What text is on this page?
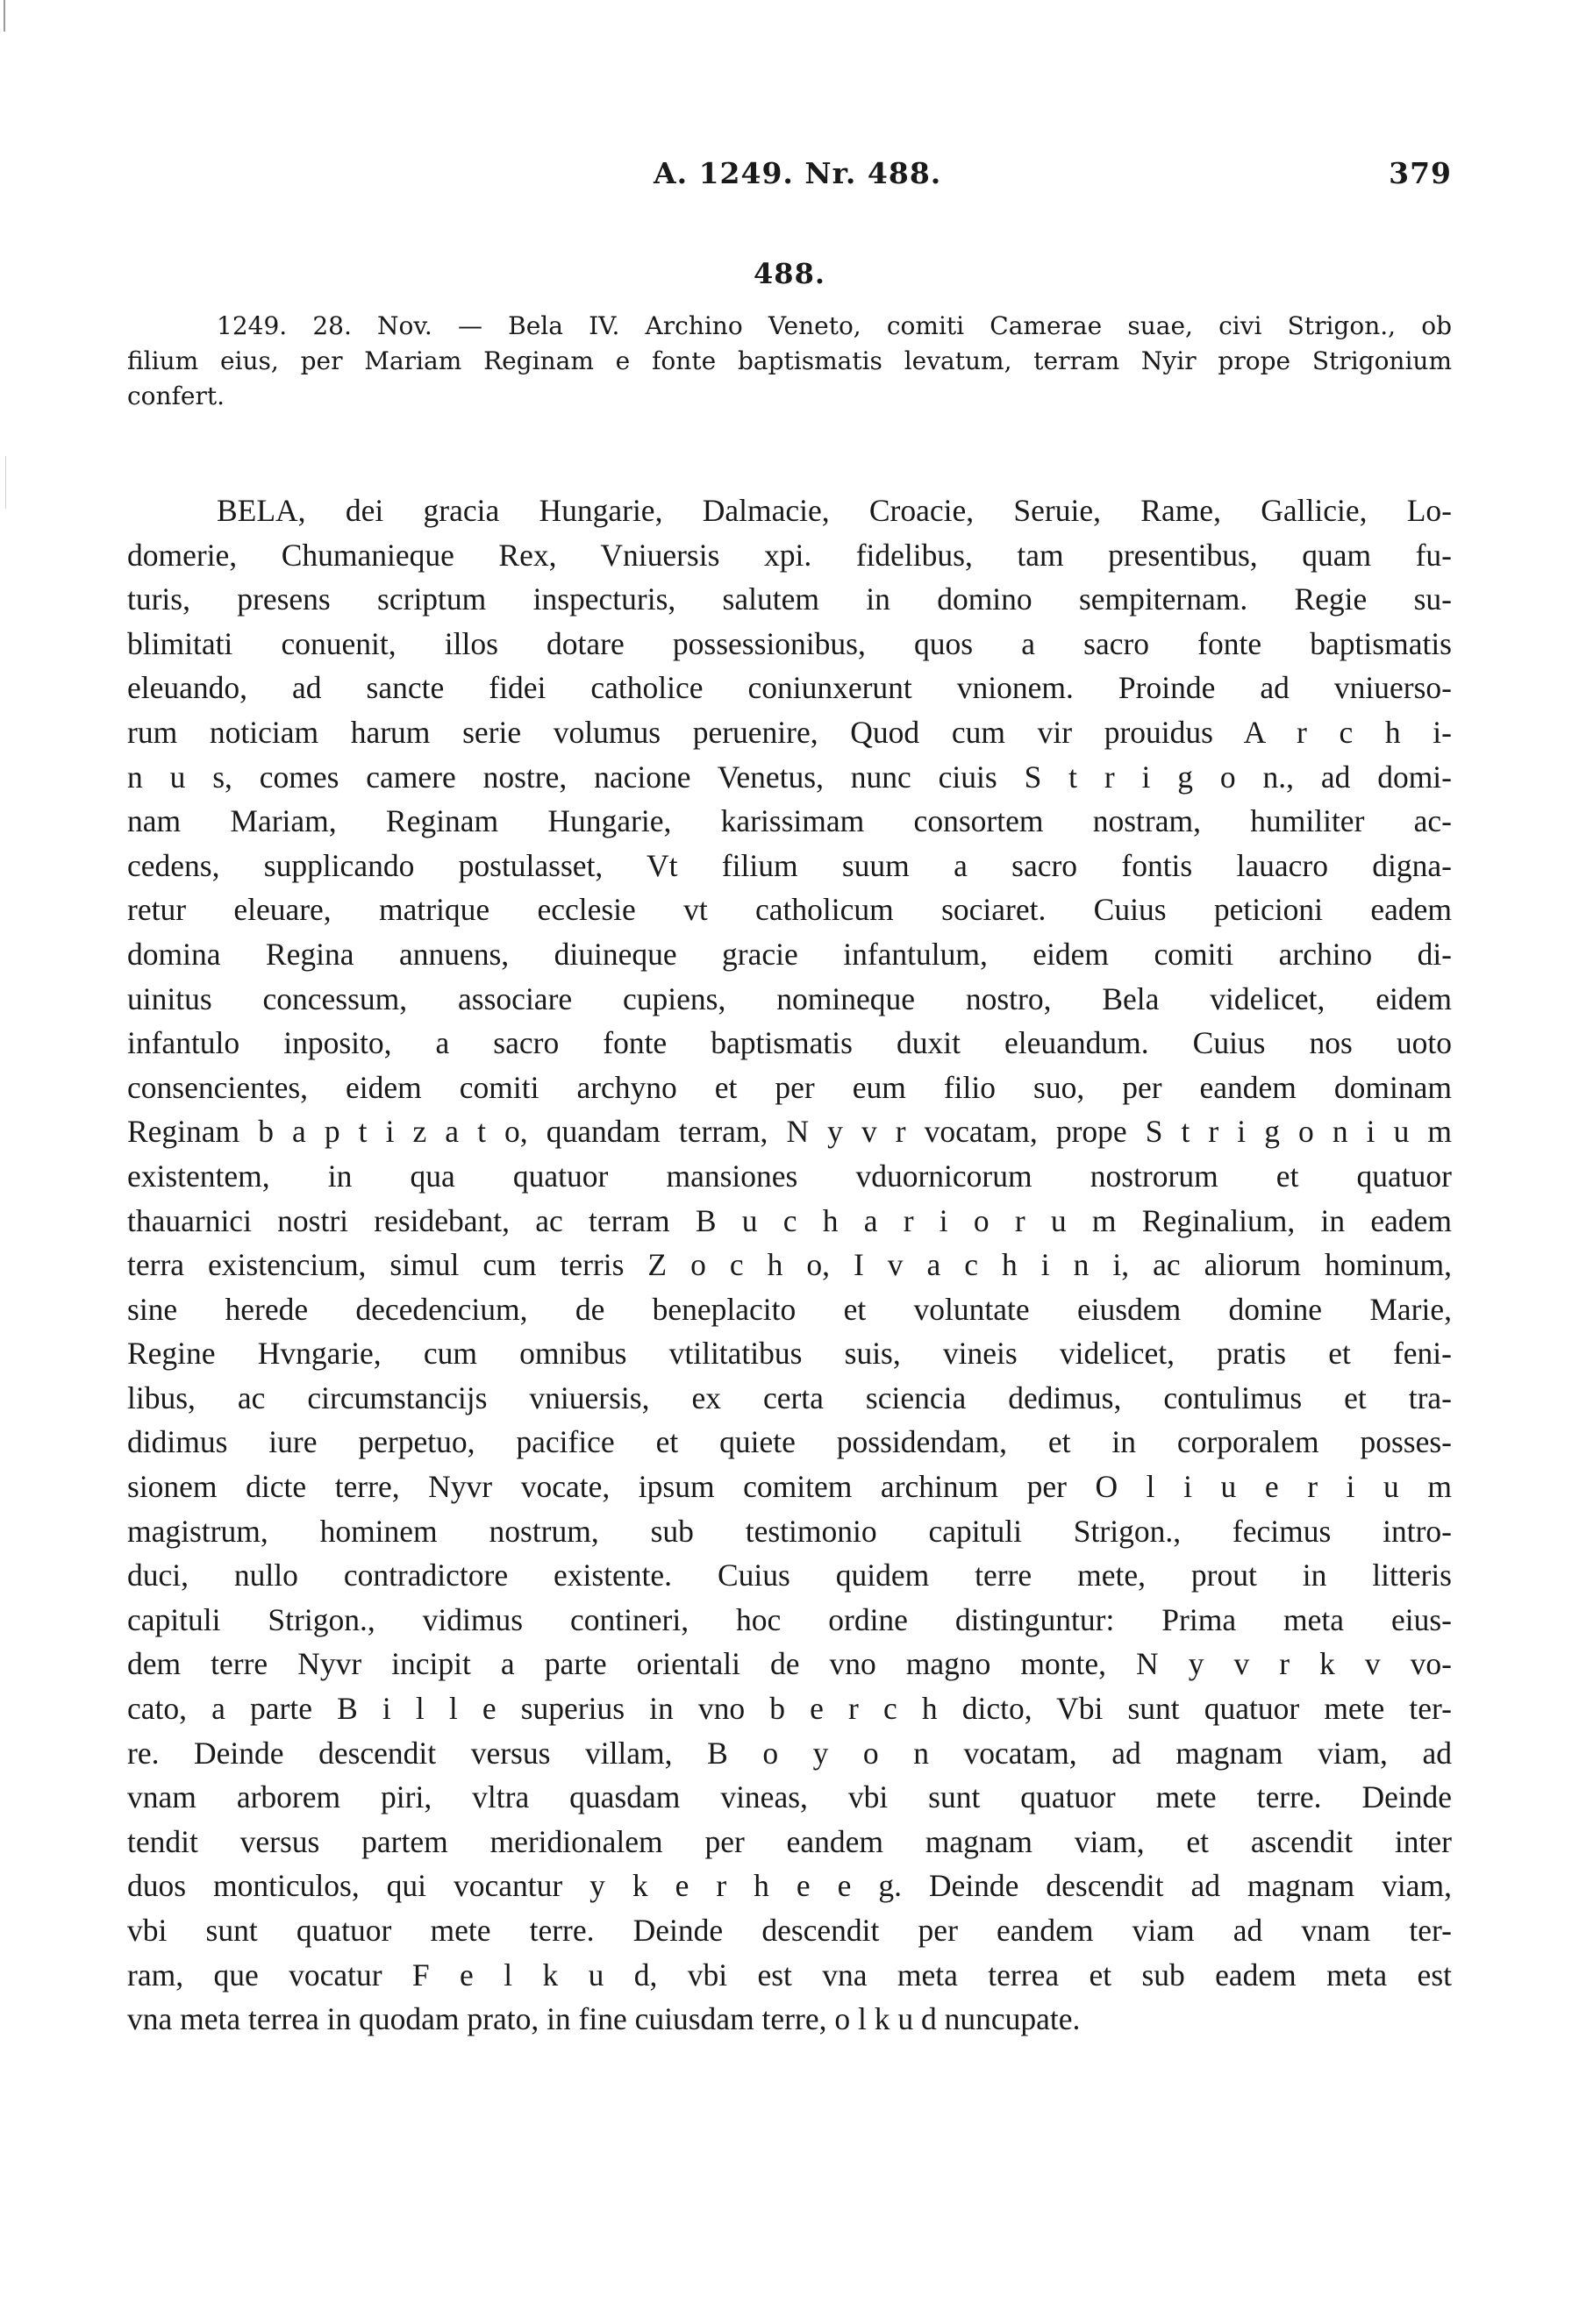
A. 1249. Nr. 488.	379
488.
1249. 28. Nov. — Bela IV. Archino Veneto, comiti Camerae suae, civi Strigon., ob
filium eius, per Mariam Reginam e fonte baptismatis levatum, terram Nyir prope Strigonium
confert.
BELA, dei gracia Hungarie, Dalmacie, Croacie, Seruie, Rame, Gallicie, Lo-
domerie, Chumanieque Rex, Vniuersis xpi. fidelibus, tam presentibus, quam fu-
turis, presens scriptum inspecturis, salutem in domino sempiternam. Regie su-
blimitati conuenit, illos dotare possessionibus, quos a sacro fonte baptismatis
eleuando, ad sancte fidei catholice coniunxerunt vnionem. Proinde ad vniuerso-
rum noticiam harum serie volumus peruenire, Quod cum vir prouidus A r c h i-
n u s, comes camere nostre, nacione Venetus, nunc ciuis S t r i g o n., ad domi-
nam Mariam, Reginam Hungarie, karissimam consortem nostram, humiliter ac-
cedens, supplicando postulasset, Vt filium suum a sacro fontis lauacro digna-
retur eleuare, matrique ecclesie vt catholicum sociaret. Cuius peticioni eadem
domina Regina annuens, diuineque gracie infantulum, eidem comiti archino di-
uinitus concessum, associare cupiens, nomineque nostro, Bela videlicet, eidem
infantulo inposito, a sacro fonte baptismatis duxit eleuandum. Cuius nos uoto
consencientes, eidem comiti archyno et per eum filio suo, per eandem dominam
Reginam b a p t i z a t o, quandam terram, N y v r vocatam, prope S t r i g o n i u m
existentem, in qua quatuor mansiones vduornicorum nostrorum et quatuor
thauarnici nostri residebant, ac terram B u c h a r i o r u m Reginalium, in eadem
terra existencium, simul cum terris Z o c h o, I v a c h i n i, ac aliorum hominum,
sine herede decedencium, de beneplacito et voluntate eiusdem domine Marie,
Regine Hvngarie, cum omnibus vtilitatibus suis, vineis videlicet, pratis et feni-
libus, ac circumstancijs vniuersis, ex certa sciencia dedimus, contulimus et tra-
didimus iure perpetuo, pacifice et quiete possidendam, et in corporalem posses-
sionem dicte terre, Nyvr vocate, ipsum comitem archinum per O l i u e r i u m
magistrum, hominem nostrum, sub testimonio capituli Strigon., fecimus intro-
duci, nullo contradictore existente. Cuius quidem terre mete, prout in litteris
capituli Strigon., vidimus contineri, hoc ordine distinguntur: Prima meta eius-
dem terre Nyvr incipit a parte orientali de vno magno monte, N y v r k v vo-
cato, a parte B i l l e superius in vno b e r c h dicto, Vbi sunt quatuor mete ter-
re. Deinde descendit versus villam, B o y o n vocatam, ad magnam viam, ad
vnam arborem piri, vltra quasdam vineas, vbi sunt quatuor mete terre. Deinde
tendit versus partem meridionalem per eandem magnam viam, et ascendit inter
duos monticulos, qui vocantur y k e r h e e g. Deinde descendit ad magnam viam,
vbi sunt quatuor mete terre. Deinde descendit per eandem viam ad vnam ter-
ram, que vocatur F e l k u d, vbi est vna meta terrea et sub eadem meta est
vna meta terrea in quodam prato, in fine cuiusdam terre, o l k u d nuncupate.
